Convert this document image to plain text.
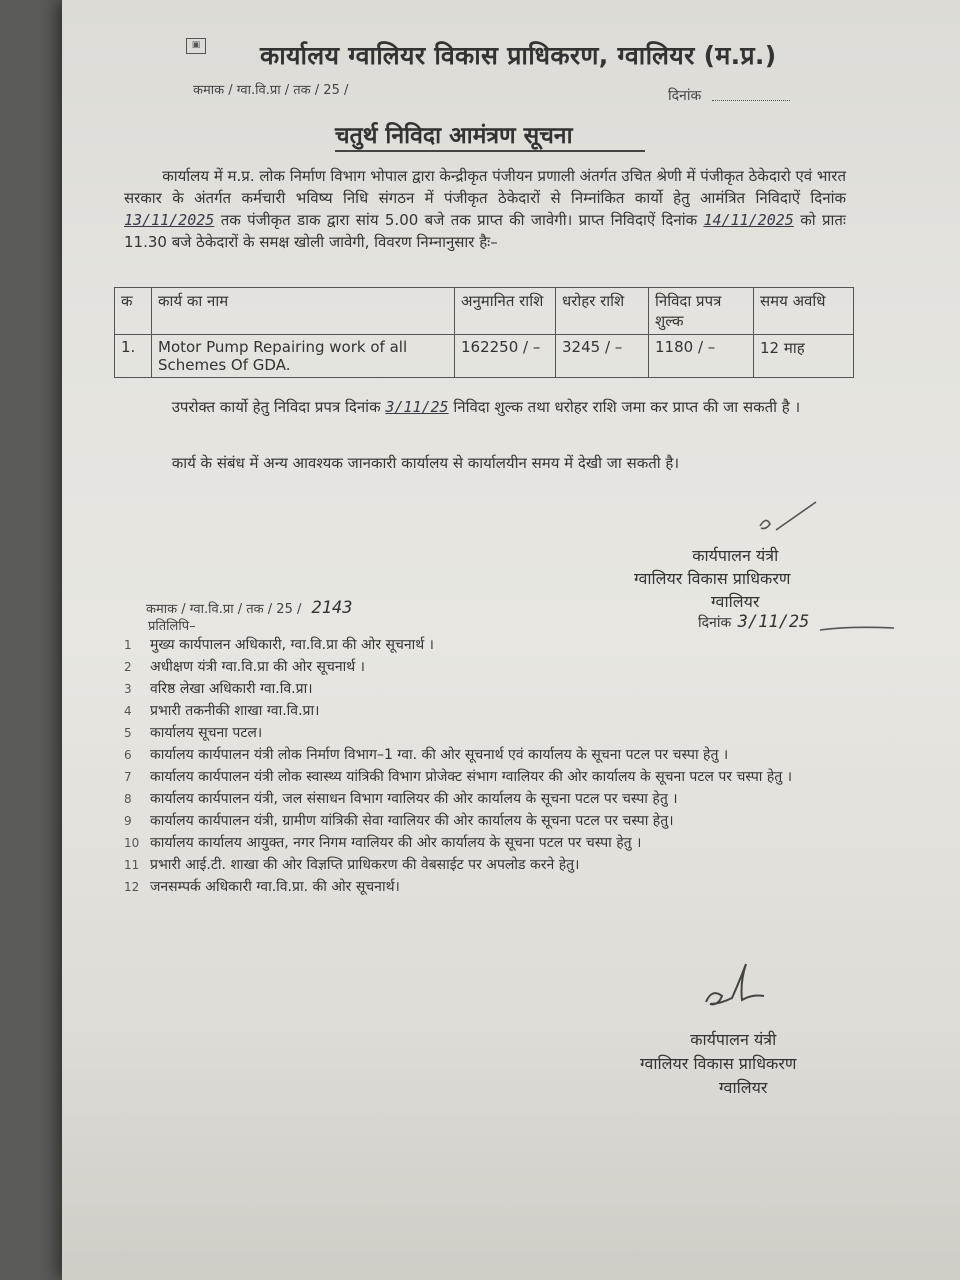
▣ कार्यालय ग्वालियर विकास प्राधिकरण, ग्वालियर (म.प्र.)
कमाक / ग्वा.वि.प्रा / तक / 25 /	दिनांक
चतुर्थ निविदा आमंत्रण सूचना
कार्यालय में म.प्र. लोक निर्माण विभाग भोपाल द्वारा केन्द्रीकृत पंजीयन प्रणाली अंतर्गत उचित श्रेणी में पंजीकृत ठेकेदारो एवं भारत सरकार के अंतर्गत कर्मचारी भविष्य निधि संगठन में पंजीकृत ठेकेदारों से निम्नांकित कार्यो हेतु आमंत्रित निविदाऐं दिनांक 13/11/2025 तक पंजीकृत डाक द्वारा सांय 5.00 बजे तक प्राप्त की जावेगी। प्राप्त निविदाऐं दिनांक 14/11/2025 को प्रातः 11.30 बजे ठेकेदारों के समक्ष खोली जावेगी, विवरण निम्नानुसार हैः–
क	कार्य का नाम	अनुमानित राशि	धरोहर राशि	निविदा प्रपत्र शुल्क	समय अवधि
1.	Motor Pump Repairing work of all Schemes Of GDA.	162250 / –	3245 / –	1180 / –	12 माह
उपरोक्त कार्यो हेतु निविदा प्रपत्र दिनांक 3/11/25 निविदा शुल्क तथा धरोहर राशि जमा कर प्राप्त की जा सकती है ।
कार्य के संबंध में अन्य आवश्यक जानकारी कार्यालय से कार्यालयीन समय में देखी जा सकती है।
कार्यपालन यंत्री
ग्वालियर विकास प्राधिकरण
ग्वालियर
कमाक / ग्वा.वि.प्रा / तक / 25 / 2143
दिनांक 3/11/25
प्रतिलिपि–
1	मुख्य कार्यपालन अधिकारी, ग्वा.वि.प्रा की ओर सूचनार्थ ।
2	अधीक्षण यंत्री ग्वा.वि.प्रा की ओर सूचनार्थ ।
3	वरिष्ठ लेखा अधिकारी ग्वा.वि.प्रा।
4	प्रभारी तकनीकी शाखा ग्वा.वि.प्रा।
5	कार्यालय सूचना पटल।
6	कार्यालय कार्यपालन यंत्री लोक निर्माण विभाग–1 ग्वा. की ओर सूचनार्थ एवं कार्यालय के सूचना पटल पर चस्पा हेतु ।
7	कार्यालय कार्यपालन यंत्री लोक स्वास्थ्य यांत्रिकी विभाग प्रोजेक्ट संभाग ग्वालियर की ओर कार्यालय के सूचना पटल पर चस्पा हेतु ।
8	कार्यालय कार्यपालन यंत्री, जल संसाधन विभाग ग्वालियर की ओर कार्यालय के सूचना पटल पर चस्पा हेतु ।
9	कार्यालय कार्यपालन यंत्री, ग्रामीण यांत्रिकी सेवा ग्वालियर की ओर कार्यालय के सूचना पटल पर चस्पा हेतु।
10 कार्यालय कार्यालय आयुक्त, नगर निगम ग्वालियर की ओर कार्यालय के सूचना पटल पर चस्पा हेतु ।
11 प्रभारी आई.टी. शाखा की ओर विज्ञप्ति प्राधिकरण की वेबसाईट पर अपलोड करने हेतु।
12 जनसम्पर्क अधिकारी ग्वा.वि.प्रा. की ओर सूचनार्थ।
कार्यपालन यंत्री
ग्वालियर विकास प्राधिकरण
ग्वालियर
